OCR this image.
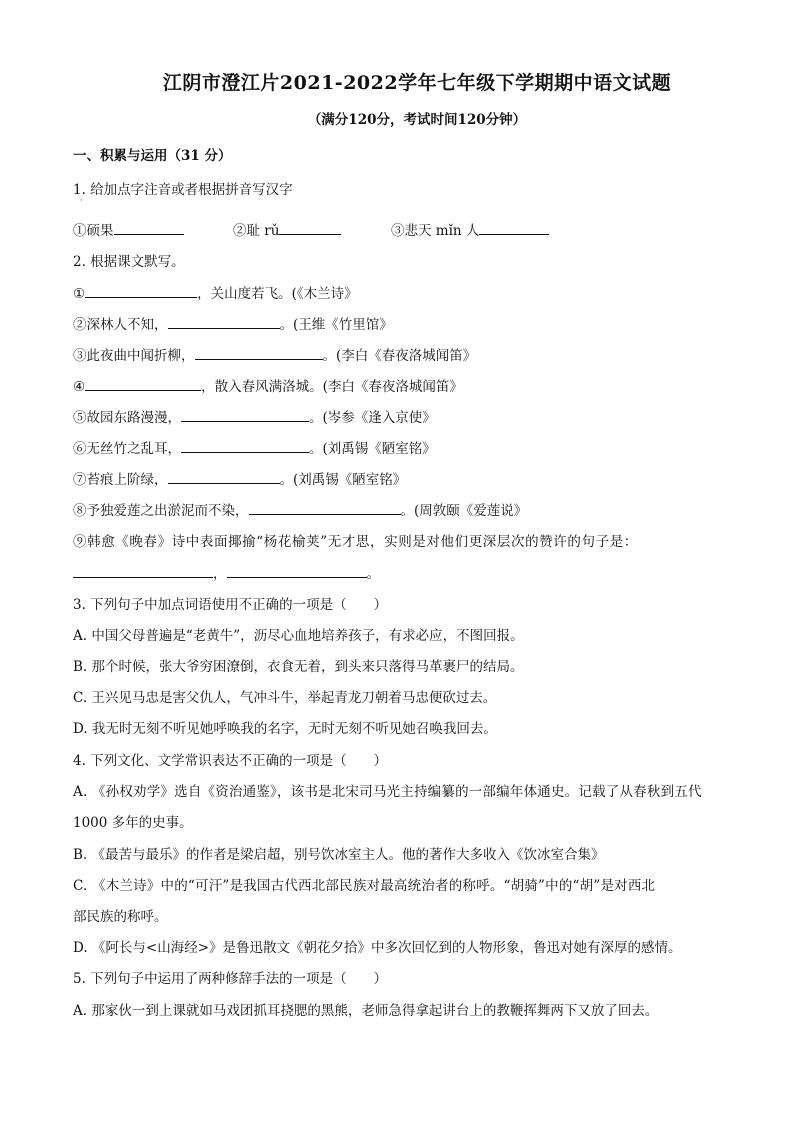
江阴市澄江片2021-2022学年七年级下学期期中语文试题
（满分120分，考试时间120分钟）
一、积累与运用（31 分）
1. 给加点字注音或者根据拼音写汉字
·
①硕果	②耻 rǔ	③悲天 mǐn 人
2. 根据课文默写。
①	，关山度若飞。(《木兰诗》
②深林人不知，	。(王维《竹里馆》
③此夜曲中闻折柳，	。(李白《春夜洛城闻笛》
④	，散入春风满洛城。(李白《春夜洛城闻笛》
⑤故园东路漫漫，	。(岑参《逢入京使》
⑥无丝竹之乱耳，	。(刘禹锡《陋室铭》
⑦苔痕上阶绿，	。(刘禹锡《陋室铭》
⑧予独爱莲之出淤泥而不染，	。(周敦颐《爱莲说》
⑨韩愈《晚春》诗中表面揶揄“杨花榆荚”无才思，实则是对他们更深层次的赞许的句子是：
，	。
3. 下列句子中加点词语使用不正确的一项是（　　）
A. 中国父母普遍是“老黄牛”，沥尽心血地培养孩子，有求必应，不图回报。
B. 那个时候，张大爷穷困潦倒，衣食无着，到头来只落得马革裹尸的结局。
C. 王兴见马忠是害父仇人，气冲斗牛，举起青龙刀朝着马忠便砍过去。
D. 我无时无刻不听见她呼唤我的名字，无时无刻不听见她召唤我回去。
4. 下列文化、文学常识表达不正确的一项是（　　）
A. 《孙权劝学》选自《资治通鉴》，该书是北宋司马光主持编纂的一部编年体通史。记载了从春秋到五代
1000 多年的史事。
B. 《最苦与最乐》的作者是梁启超，别号饮冰室主人。他的著作大多收入《饮冰室合集》
C. 《木兰诗》中的“可汗”是我国古代西北部民族对最高统治者的称呼。“胡骑”中的“胡”是对西北
部民族的称呼。
D. 《阿长与<山海经>》是鲁迅散文《朝花夕拾》中多次回忆到的人物形象，鲁迅对她有深厚的感情。
5. 下列句子中运用了两种修辞手法的一项是（　　）
A. 那家伙一到上课就如马戏团抓耳挠腮的黑熊，老师急得拿起讲台上的教鞭挥舞两下又放了回去。
